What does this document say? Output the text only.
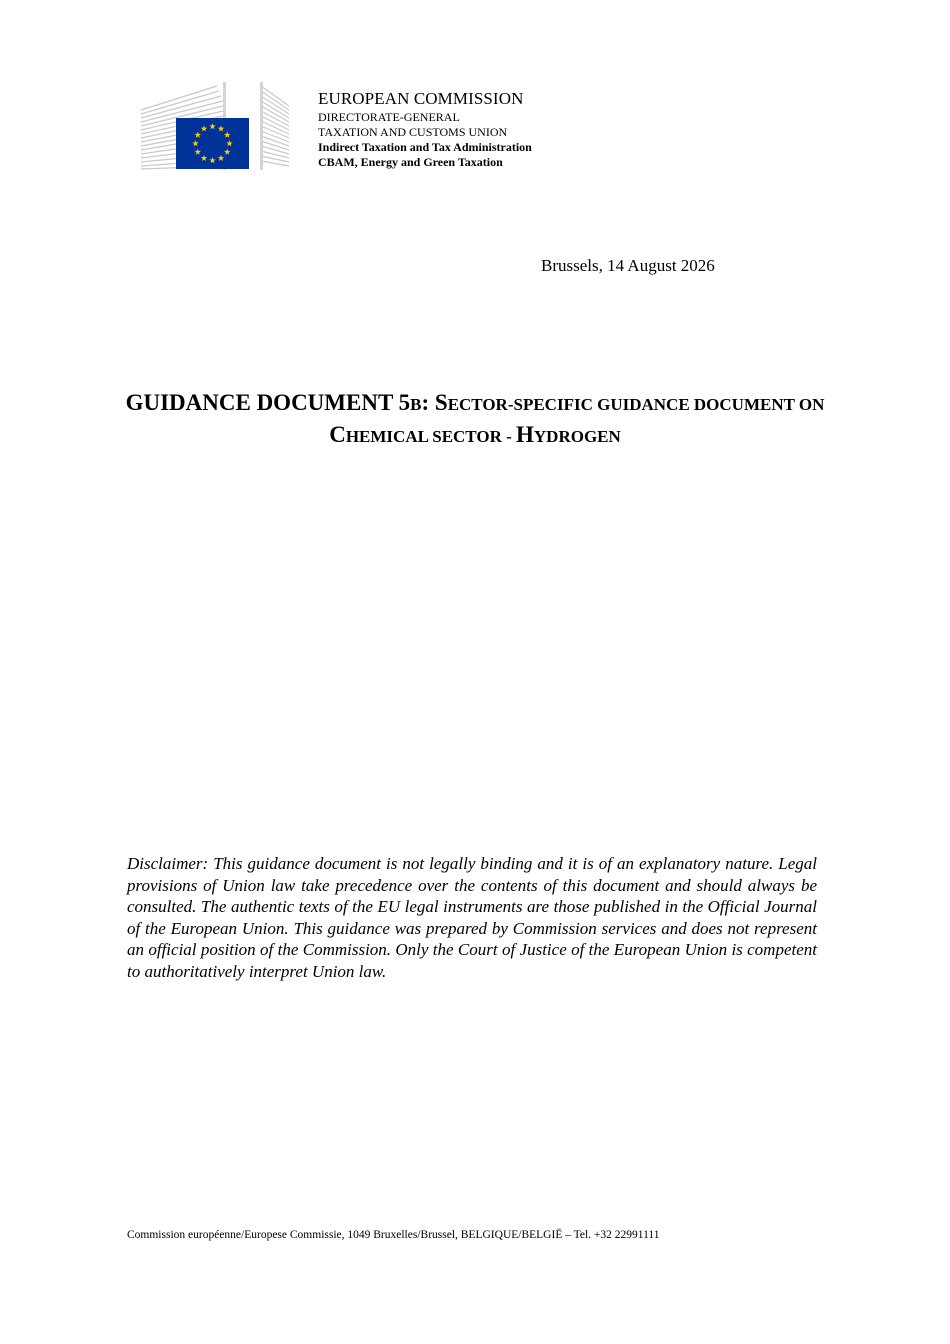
EUROPEAN COMMISSION
DIRECTORATE-GENERAL
TAXATION AND CUSTOMS UNION
Indirect Taxation and Tax Administration
CBAM, Energy and Green Taxation
Brussels, 14 August 2026
GUIDANCE DOCUMENT 5B: SECTOR-SPECIFIC GUIDANCE DOCUMENT ON CHEMICAL SECTOR - HYDROGEN
Disclaimer: This guidance document is not legally binding and it is of an explanatory nature. Legal provisions of Union law take precedence over the contents of this document and should always be consulted. The authentic texts of the EU legal instruments are those published in the Official Journal of the European Union. This guidance was prepared by Commission services and does not represent an official position of the Commission. Only the Court of Justice of the European Union is competent to authoritatively interpret Union law.
Commission européenne/Europese Commissie, 1049 Bruxelles/Brussel, BELGIQUE/BELGIË – Tel. +32 22991111
